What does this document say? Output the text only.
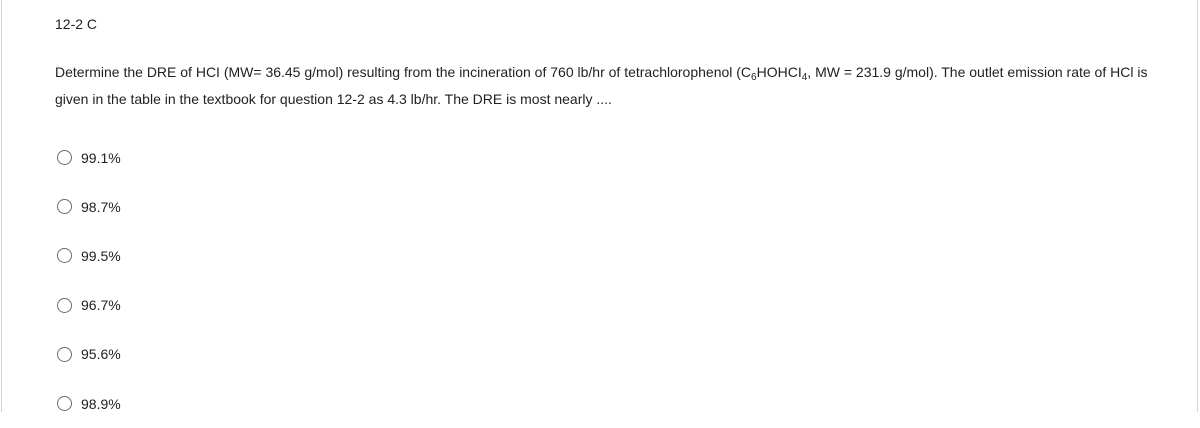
12-2 C
Determine the DRE of HCI (MW= 36.45 g/mol) resulting from the incineration of 760 lb/hr of tetrachlorophenol ($C_6HOHCI_4$, MW = 231.9 g/mol). The outlet emission rate of HCl is given in the table in the textbook for question 12-2 as 4.3 lb/hr. The DRE is most nearly ....
99.1%
98.7%
99.5%
96.7%
95.6%
98.9%
